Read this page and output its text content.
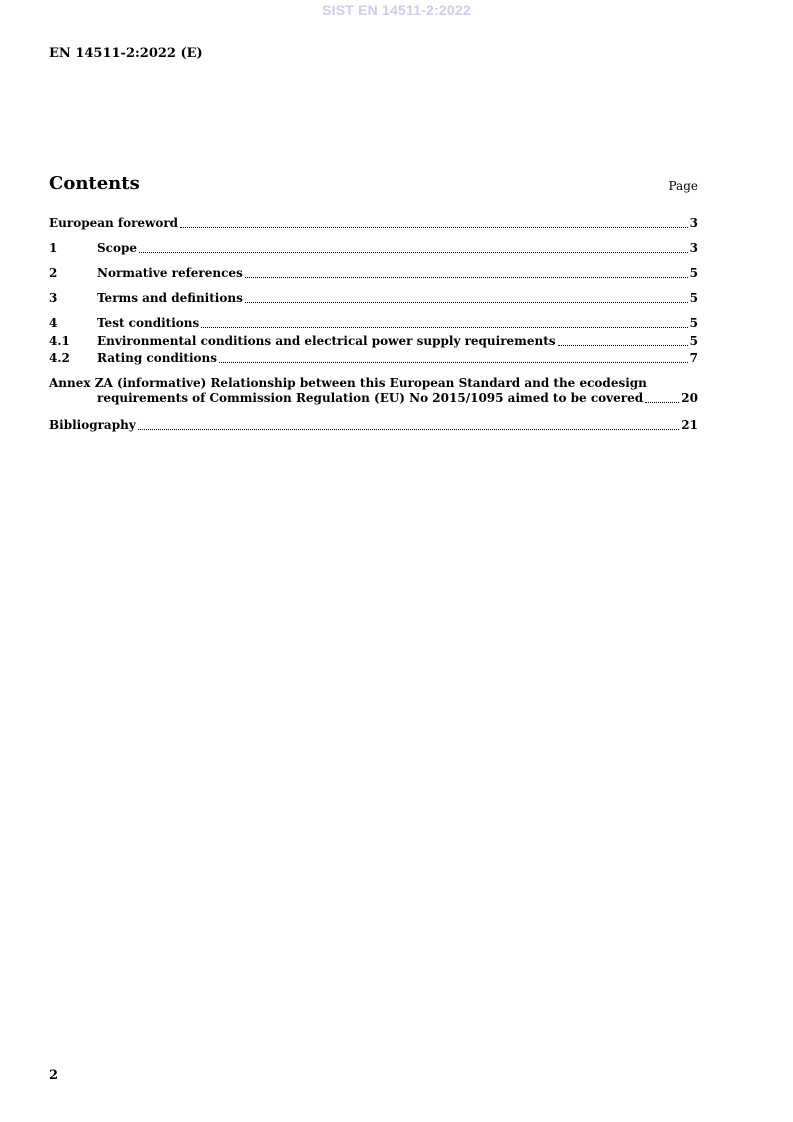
SIST EN 14511-2:2022
EN 14511-2:2022 (E)
Contents	Page
European foreword	3
1	Scope	3
2	Normative references	5
3	Terms and definitions	5
4	Test conditions	5
4.1	Environmental conditions and electrical power supply requirements	5
4.2	Rating conditions	7
Annex ZA (informative) Relationship between this European Standard and the ecodesign
requirements of Commission Regulation (EU) No 2015/1095 aimed to be covered	20
Bibliography	21
2
